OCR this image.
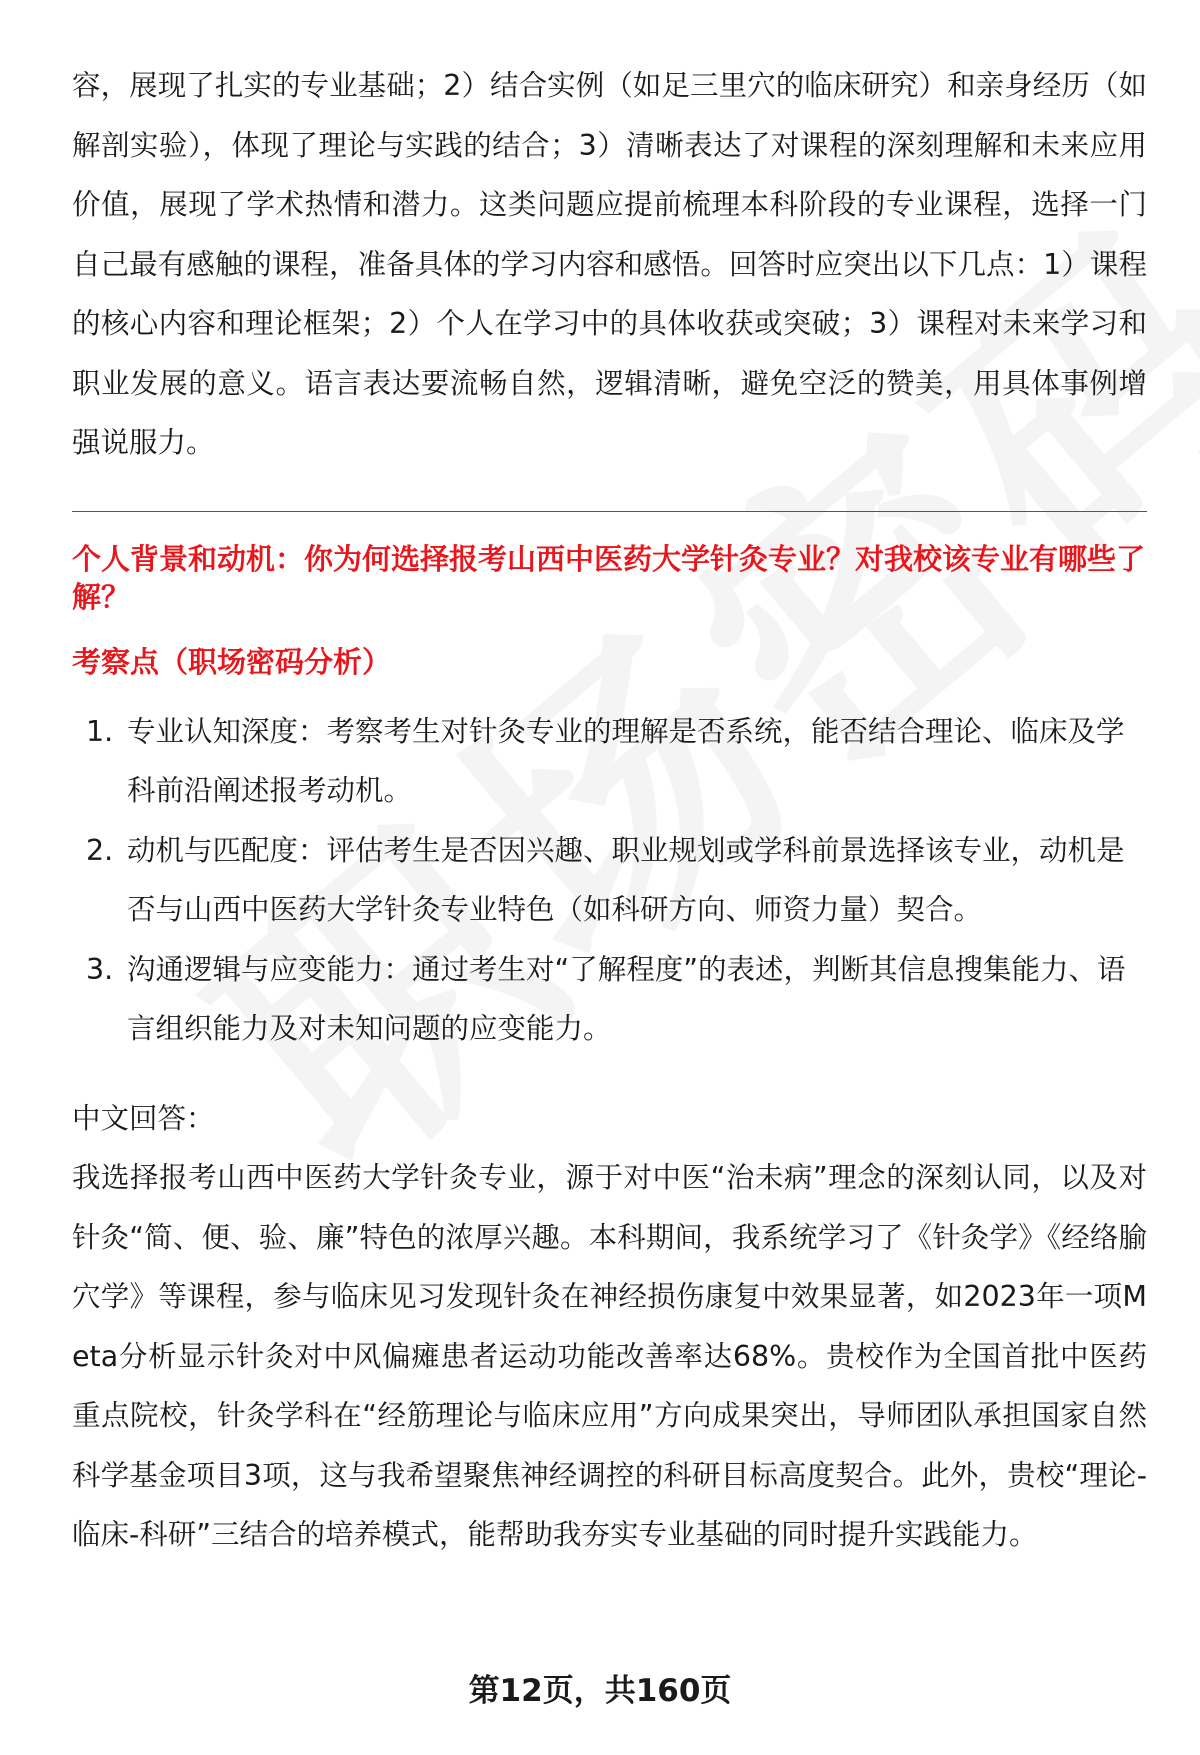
容，展现了扎实的专业基础；2）结合实例（如足三里穴的临床研究）和亲身经历（如解剖实验），体现了理论与实践的结合；3）清晰表达了对课程的深刻理解和未来应用价值，展现了学术热情和潜力。这类问题应提前梳理本科阶段的专业课程，选择一门自己最有感触的课程，准备具体的学习内容和感悟。回答时应突出以下几点：1）课程的核心内容和理论框架；2）个人在学习中的具体收获或突破；3）课程对未来学习和职业发展的意义。语言表达要流畅自然，逻辑清晰，避免空泛的赞美，用具体事例增强说服力。

个人背景和动机：你为何选择报考山西中医药大学针灸专业？对我校该专业有哪些了解？

考察点（职场密码分析）
1. 专业认知深度：考察考生对针灸专业的理解是否系统，能否结合理论、临床及学科前沿阐述报考动机。
2. 动机与匹配度：评估考生是否因兴趣、职业规划或学科前景选择该专业，动机是否与山西中医药大学针灸专业特色（如科研方向、师资力量）契合。
3. 沟通逻辑与应变能力：通过考生对“了解程度”的表述，判断其信息搜集能力、语言组织能力及对未知问题的应变能力。
中文回答：

我选择报考山西中医药大学针灸专业，源于对中医“治未病”理念的深刻认同，以及对针灸“简、便、验、廉”特色的浓厚兴趣。本科期间，我系统学习了《针灸学》《经络腧穴学》等课程，参与临床见习发现针灸在神经损伤康复中效果显著，如2023年一项Meta分析显示针灸对中风偏瘫患者运动功能改善率达68%。贵校作为全国首批中医药重点院校，针灸学科在“经筋理论与临床应用”方向成果突出，导师团队承担国家自然科学基金项目3项，这与我希望聚焦神经调控的科研目标高度契合。此外，贵校“理论-临床-科研”三结合的培养模式，能帮助我夯实专业基础的同时提升实践能力。

第12页，共160页
